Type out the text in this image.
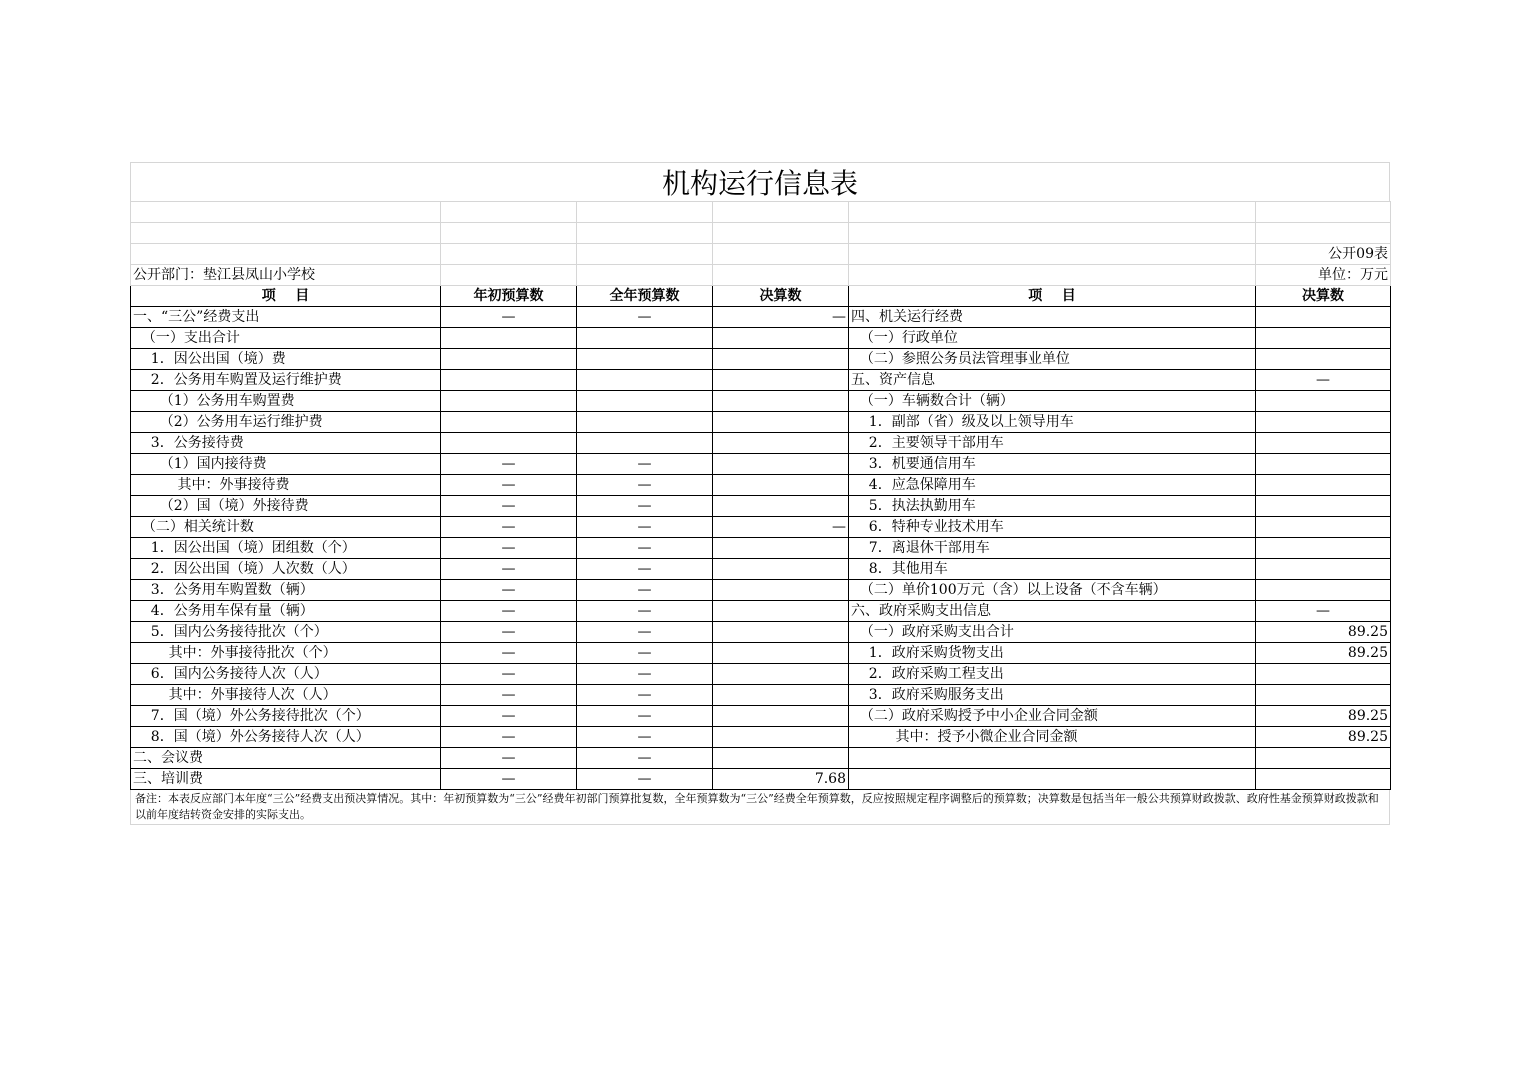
机构运行信息表

					公开09表
公开部门：垫江县凤山小学校					单位：万元
项    目	年初预算数	全年预算数	决算数	项    目	决算数
一、“三公”经费支出	—	—	—	四、机关运行经费	
（一）支出合计				（一）行政单位	
1．因公出国（境）费				（二）参照公务员法管理事业单位	
2．公务用车购置及运行维护费				五、资产信息	—
（1）公务用车购置费				（一）车辆数合计（辆）	
（2）公务用车运行维护费				1．副部（省）级及以上领导用车	
3．公务接待费				2．主要领导干部用车	
（1）国内接待费	—	—		3．机要通信用车	
其中：外事接待费	—	—		4．应急保障用车	
（2）国（境）外接待费	—	—		5．执法执勤用车	
（二）相关统计数	—	—	—	6．特种专业技术用车	
1．因公出国（境）团组数（个）	—	—		7．离退休干部用车	
2．因公出国（境）人次数（人）	—	—		8．其他用车	
3．公务用车购置数（辆）	—	—		（二）单价100万元（含）以上设备（不含车辆）	
4．公务用车保有量（辆）	—	—		六、政府采购支出信息	—
5．国内公务接待批次（个）	—	—		（一）政府采购支出合计	89.25
其中：外事接待批次（个）	—	—		1．政府采购货物支出	89.25
6．国内公务接待人次（人）	—	—		2．政府采购工程支出	
其中：外事接待人次（人）	—	—		3．政府采购服务支出	
7．国（境）外公务接待批次（个）	—	—		（二）政府采购授予中小企业合同金额	89.25
8．国（境）外公务接待人次（人）	—	—		其中：授予小微企业合同金额	89.25
二、会议费	—	—			
三、培训费	—	—	7.68		
备注：本表反应部门本年度“三公”经费支出预决算情况。其中：年初预算数为“三公”经费年初部门预算批复数，全年预算数为“三公”经费全年预算数，反应按照规定程序调整后的预算数；决算数是包括当年一般公共预算财政拨款、政府性基金预算财政拨款和以前年度结转资金安排的实际支出。
